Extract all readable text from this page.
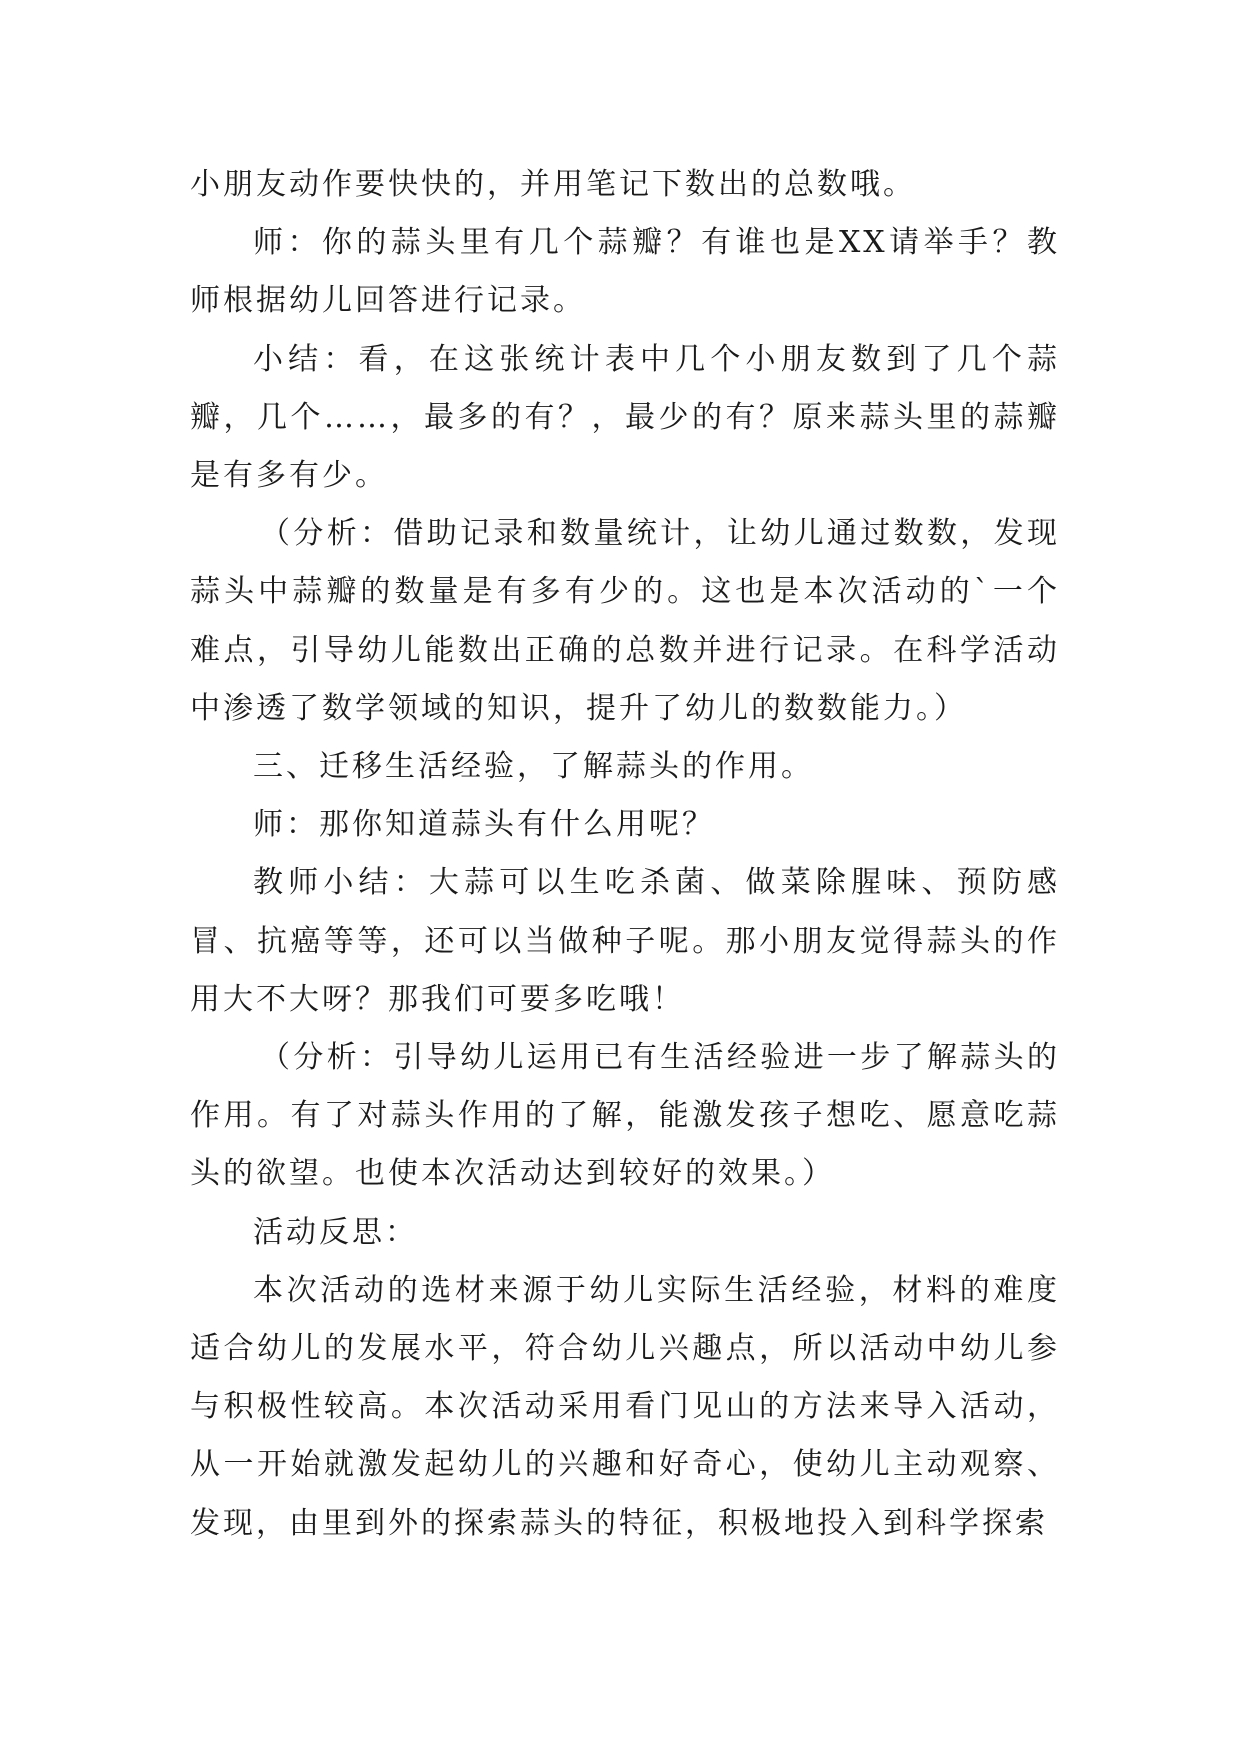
小朋友动作要快快的，并用笔记下数出的总数哦。

师：你的蒜头里有几个蒜瓣？有谁也是XX请举手？教师根据幼儿回答进行记录。

小结：看，在这张统计表中几个小朋友数到了几个蒜瓣，几个……，最多的有？，最少的有？原来蒜头里的蒜瓣是有多有少。

（分析：借助记录和数量统计，让幼儿通过数数，发现蒜头中蒜瓣的数量是有多有少的。这也是本次活动的`一个难点，引导幼儿能数出正确的总数并进行记录。在科学活动中渗透了数学领域的知识，提升了幼儿的数数能力。）

三、迁移生活经验，了解蒜头的作用。

师：那你知道蒜头有什么用呢？

教师小结：大蒜可以生吃杀菌、做菜除腥味、预防感冒、抗癌等等，还可以当做种子呢。那小朋友觉得蒜头的作用大不大呀？那我们可要多吃哦！

（分析：引导幼儿运用已有生活经验进一步了解蒜头的作用。有了对蒜头作用的了解，能激发孩子想吃、愿意吃蒜头的欲望。也使本次活动达到较好的效果。）

活动反思：

本次活动的选材来源于幼儿实际生活经验，材料的难度适合幼儿的发展水平，符合幼儿兴趣点，所以活动中幼儿参与积极性较高。本次活动采用看门见山的方法来导入活动，从一开始就激发起幼儿的兴趣和好奇心，使幼儿主动观察、发现，由里到外的探索蒜头的特征，积极地投入到科学探索
